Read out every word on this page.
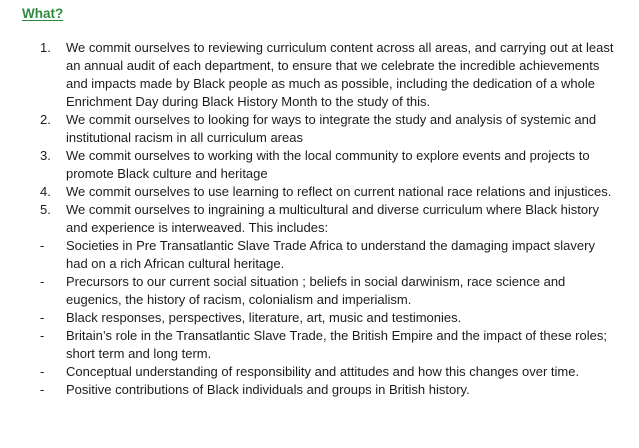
What?
1.	We commit ourselves to reviewing curriculum content across all areas, and carrying out at least an annual audit of each department, to ensure that we celebrate the incredible achievements and impacts made by Black people as much as possible, including the dedication of a whole Enrichment Day during Black History Month to the study of this.
2.	We commit ourselves to looking for ways to integrate the study and analysis of systemic and institutional racism in all curriculum areas
3.	We commit ourselves to working with the local community to explore events and projects to promote Black culture and heritage
4.	We commit ourselves to use learning to reflect on current national race relations and injustices.
5.	We commit ourselves to ingraining a multicultural and diverse curriculum where Black history and experience is interweaved. This includes:
-	Societies in Pre Transatlantic Slave Trade Africa to understand the damaging impact slavery had on a rich African cultural heritage.
-	Precursors to our current social situation ; beliefs in social darwinism, race science and eugenics, the history of racism, colonialism and imperialism.
-	Black responses, perspectives, literature, art, music and testimonies.
-	Britain’s role in the Transatlantic Slave Trade, the British Empire and the impact of these roles; short term and long term.
-	Conceptual understanding of responsibility and attitudes and how this changes over time.
-	Positive contributions of Black individuals and groups in British history.
